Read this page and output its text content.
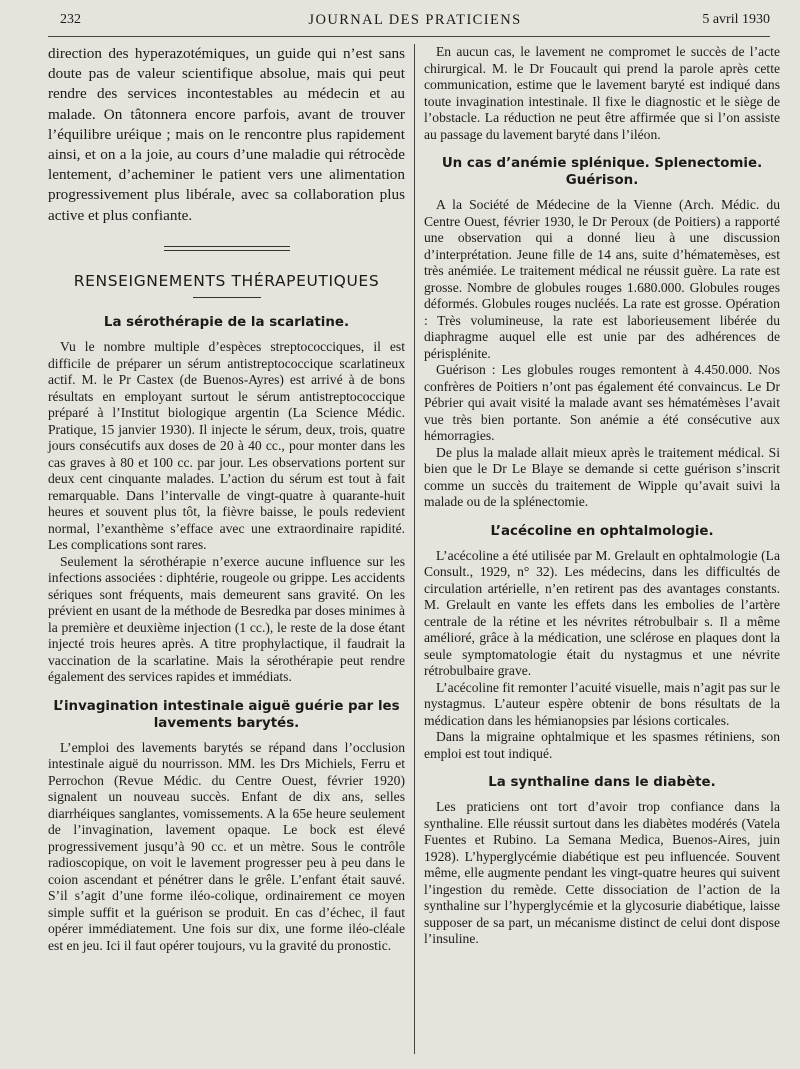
232	JOURNAL DES PRATICIENS	5 avril 1930

direction des hyperazotémiques, un guide qui n’est sans doute pas de valeur scientifique absolue, mais qui peut rendre des services incontestables au médecin et au malade. On tâtonnera encore parfois, avant de trouver l’équilibre uréique ; mais on le rencontre plus rapidement ainsi, et on a la joie, au cours d’une maladie qui rétrocède lentement, d’acheminer le patient vers une alimentation progressivement plus libérale, avec sa collaboration plus active et plus confiante.

RENSEIGNEMENTS THÉRAPEUTIQUES
La sérothérapie de la scarlatine.

Vu le nombre multiple d’espèces streptococciques, il est difficile de préparer un sérum antistreptococcique scarlatineux actif. M. le Pr Castex (de Buenos-Ayres) est arrivé à de bons résultats en employant surtout le sérum antistreptococcique préparé à l’Institut biologique argentin (La Science Médic. Pratique, 15 janvier 1930). Il injecte le sérum, deux, trois, quatre jours consécutifs aux doses de 20 à 40 cc., pour monter dans les cas graves à 80 et 100 cc. par jour. Les observations portent sur deux cent cinquante malades. L’action du sérum est tout à fait remarquable. Dans l’intervalle de vingt-quatre à quarante-huit heures et souvent plus tôt, la fièvre baisse, le pouls redevient normal, l’exanthème s’efface avec une extraordinaire rapidité. Les complications sont rares.

Seulement la sérothérapie n’exerce aucune influence sur les infections associées : diphtérie, rougeole ou grippe. Les accidents sériques sont fréquents, mais demeurent sans gravité. On les prévient en usant de la méthode de Besredka par doses minimes à la première et deuxième injection (1 cc.), le reste de la dose étant injecté trois heures après. A titre prophylactique, il faudrait la vaccination de la scarlatine. Mais la sérothérapie peut rendre également des services rapides et immédiats.

L’invagination intestinale aiguë guérie par les lavements barytés.

L’emploi des lavements barytés se répand dans l’occlusion intestinale aiguë du nourrisson. MM. les Drs Michiels, Ferru et Perrochon (Revue Médic. du Centre Ouest, février 1920) signalent un nouveau succès. Enfant de dix ans, selles diarrhéiques sanglantes, vomissements. A la 65e heure seulement de l’invagination, lavement opaque. Le bock est élevé progressivement jusqu’à 90 cc. et un mètre. Sous le contrôle radioscopique, on voit le lavement progresser peu à peu dans le coion ascendant et pénétrer dans le grêle. L’enfant était sauvé. S’il s’agit d’une forme iléo-colique, ordinairement ce moyen simple suffit et la guérison se produit. En cas d’échec, il faut opérer immédiatement. Une fois sur dix, une forme iléo-cléale est en jeu. Ici il faut opérer toujours, vu la gravité du pronostic.

En aucun cas, le lavement ne compromet le succès de l’acte chirurgical. M. le Dr Foucault qui prend la parole après cette communication, estime que le lavement baryté est indiqué dans toute invagination intestinale. Il fixe le diagnostic et le siège de l’obstacle. La réduction ne peut être affirmée que si l’on assiste au passage du lavement baryté dans l’iléon.

Un cas d’anémie splénique. Splenectomie. Guérison.

A la Société de Médecine de la Vienne (Arch. Médic. du Centre Ouest, février 1930, le Dr Peroux (de Poitiers) a rapporté une observation qui a donné lieu à une discussion d’interprétation. Jeune fille de 14 ans, suite d’hématemèses, est très anémiée. Le traitement médical ne réussit guère. La rate est grosse. Nombre de globules rouges 1.680.000. Globules rouges déformés. Globules rouges nucléés. La rate est grosse. Opération : Très volumineuse, la rate est laborieusement libérée du diaphragme auquel elle est unie par des adhérences de périsplénite.

Guérison : Les globules rouges remontent à 4.450.000. Nos confrères de Poitiers n’ont pas également été convaincus. Le Dr Pébrier qui avait visité la malade avant ses hématémèses l’avait vue très bien portante. Son anémie a été consécutive aux hémorragies.

De plus la malade allait mieux après le traitement médical. Si bien que le Dr Le Blaye se demande si cette guérison s’inscrit comme un succès du traitement de Wipple qu’avait suivi la malade ou de la splénectomie.

L’acécoline en ophtalmologie.

L’acécoline a été utilisée par M. Grelault en ophtalmologie (La Consult., 1929, n° 32). Les médecins, dans les difficultés de circulation artérielle, n’en retirent pas des avantages constants. M. Grelault en vante les effets dans les embolies de l’artère centrale de la rétine et les névrites rétrobulbair s. Il a même amélioré, grâce à la médication, une sclérose en plaques dont la seule symptomatologie était du nystagmus et une névrite rétrobulbaire grave.

L’acécoline fit remonter l’acuité visuelle, mais n’agit pas sur le nystagmus. L’auteur espère obtenir de bons résultats de la médication dans les hémianopsies par lésions corticales.

Dans la migraine ophtalmique et les spasmes rétiniens, son emploi est tout indiqué.

La synthaline dans le diabète.

Les praticiens ont tort d’avoir trop confiance dans la synthaline. Elle réussit surtout dans les diabètes modérés (Vatela Fuentes et Rubino. La Semana Medica, Buenos-Aires, juin 1928). L’hyperglycémie diabétique est peu influencée. Souvent même, elle augmente pendant les vingt-quatre heures qui suivent l’ingestion du remède. Cette dissociation de l’action de la synthaline sur l’hyperglycémie et la glycosurie diabétique, laisse supposer de sa part, un mécanisme distinct de celui dont dispose l’insuline.
